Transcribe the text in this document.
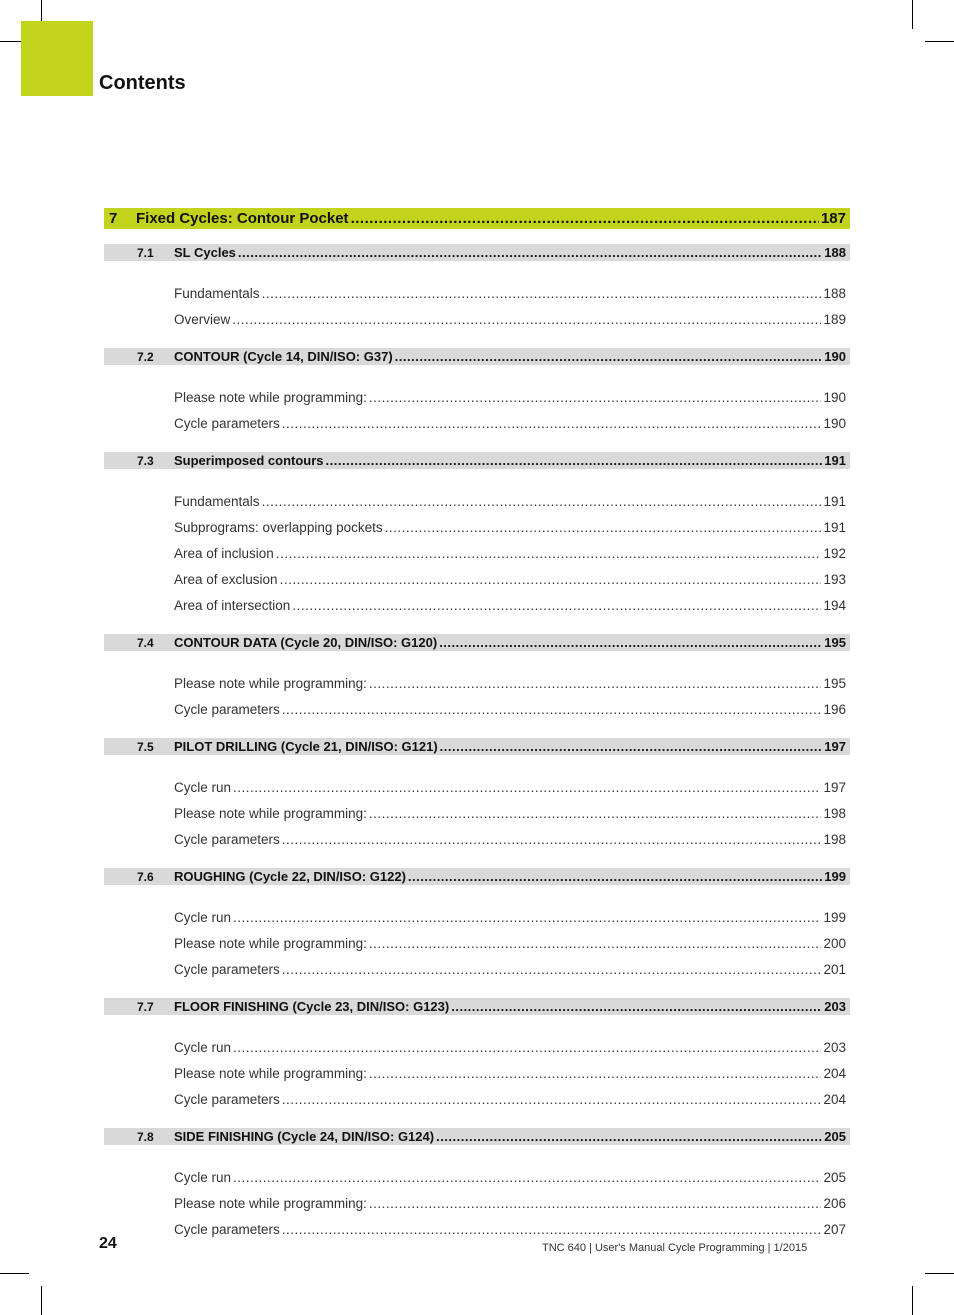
Contents
7	Fixed Cycles: Contour Pocket .....	187
7.1	SL Cycles .....	188
Fundamentals .....	188
Overview .....	189
7.2	CONTOUR (Cycle 14, DIN/ISO: G37) .....	190
Please note while programming: .....	190
Cycle parameters .....	190
7.3	Superimposed contours .....	191
Fundamentals .....	191
Subprograms: overlapping pockets .....	191
Area of inclusion .....	192
Area of exclusion .....	193
Area of intersection .....	194
7.4	CONTOUR DATA (Cycle 20, DIN/ISO: G120) .....	195
Please note while programming: .....	195
Cycle parameters .....	196
7.5	PILOT DRILLING (Cycle 21, DIN/ISO: G121) .....	197
Cycle run .....	197
Please note while programming: .....	198
Cycle parameters .....	198
7.6	ROUGHING (Cycle 22, DIN/ISO: G122) .....	199
Cycle run .....	199
Please note while programming: .....	200
Cycle parameters .....	201
7.7	FLOOR FINISHING (Cycle 23, DIN/ISO: G123) .....	203
Cycle run .....	203
Please note while programming: .....	204
Cycle parameters .....	204
7.8	SIDE FINISHING (Cycle 24, DIN/ISO: G124) .....	205
Cycle run .....	205
Please note while programming: .....	206
Cycle parameters .....	207
24	TNC 640 | User's Manual Cycle Programming | 1/2015
